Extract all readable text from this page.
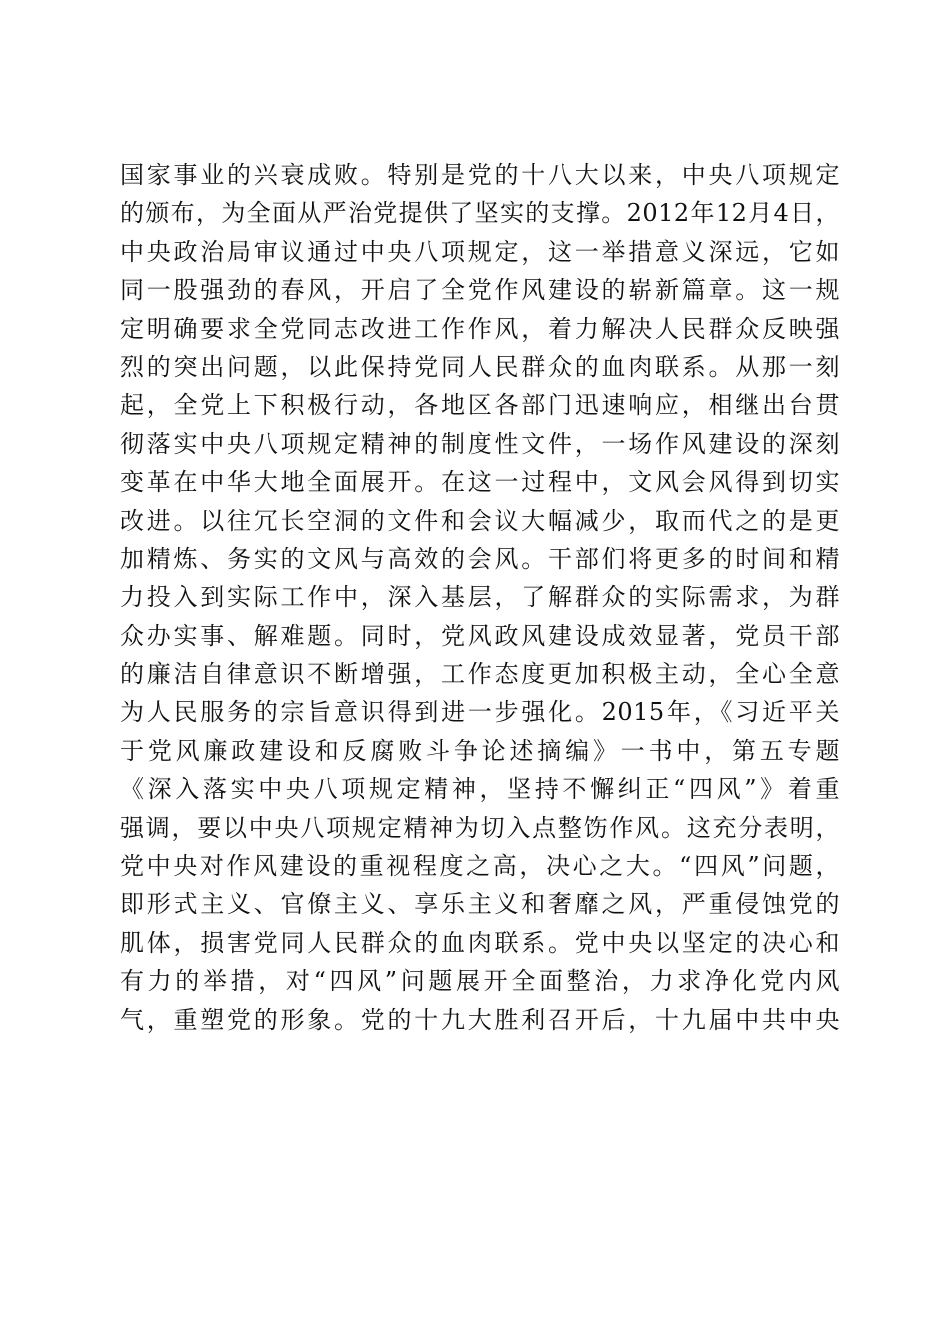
国家事业的兴衰成败。特别是党的十八大以来，中央八项规定
的颁布，为全面从严治党提供了坚实的支撑。2012年12月4日，
中央政治局审议通过中央八项规定，这一举措意义深远，它如
同一股强劲的春风，开启了全党作风建设的崭新篇章。这一规
定明确要求全党同志改进工作作风，着力解决人民群众反映强
烈的突出问题，以此保持党同人民群众的血肉联系。从那一刻
起，全党上下积极行动，各地区各部门迅速响应，相继出台贯
彻落实中央八项规定精神的制度性文件，一场作风建设的深刻
变革在中华大地全面展开。在这一过程中，文风会风得到切实
改进。以往冗长空洞的文件和会议大幅减少，取而代之的是更
加精炼、务实的文风与高效的会风。干部们将更多的时间和精
力投入到实际工作中，深入基层，了解群众的实际需求，为群
众办实事、解难题。同时，党风政风建设成效显著，党员干部
的廉洁自律意识不断增强，工作态度更加积极主动，全心全意
为人民服务的宗旨意识得到进一步强化。2015年，《习近平关
于党风廉政建设和反腐败斗争论述摘编》一书中，第五专题
《深入落实中央八项规定精神，坚持不懈纠正“四风”》着重
强调，要以中央八项规定精神为切入点整饬作风。这充分表明，
党中央对作风建设的重视程度之高，决心之大。“四风”问题，
即形式主义、官僚主义、享乐主义和奢靡之风，严重侵蚀党的
肌体，损害党同人民群众的血肉联系。党中央以坚定的决心和
有力的举措，对“四风”问题展开全面整治，力求净化党内风
气，重塑党的形象。党的十九大胜利召开后，十九届中共中央
